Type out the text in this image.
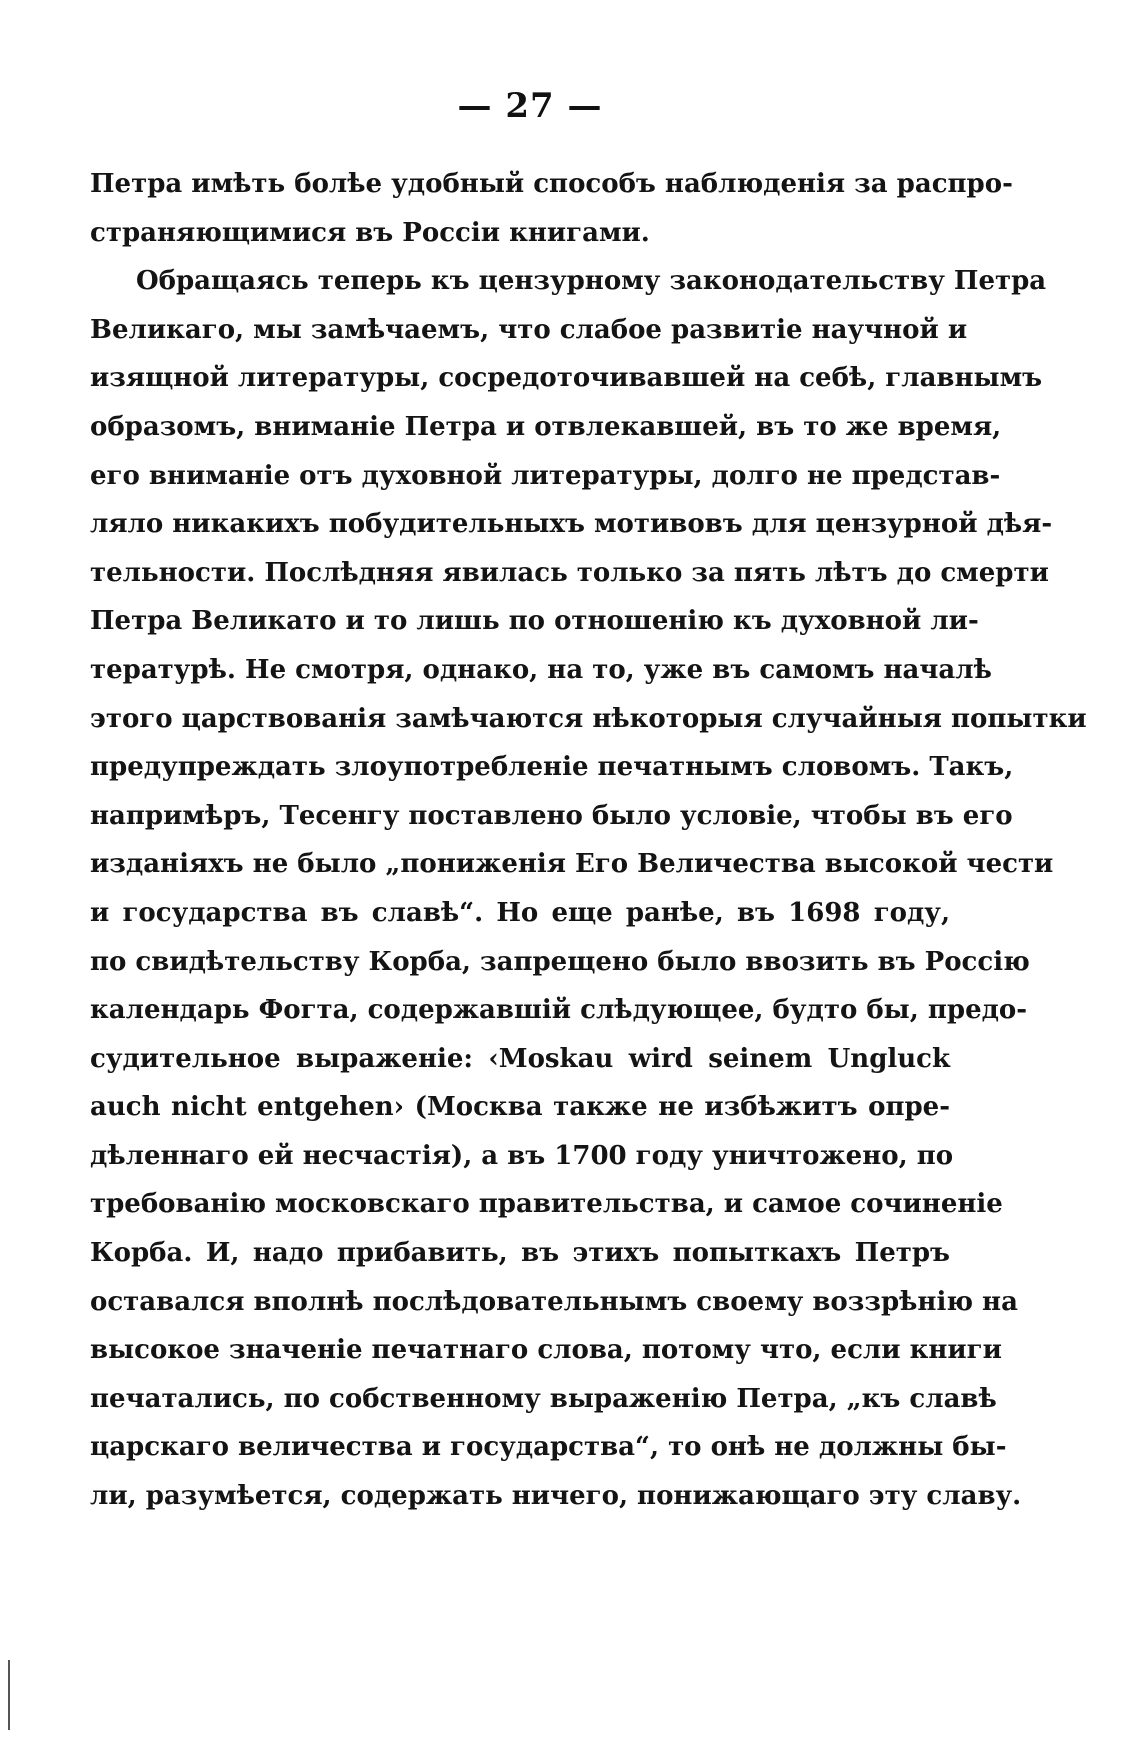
— 27 —
Петра имѣть болѣе удобный способъ наблюденія за распро-
страняющимися въ Россіи книгами.
Обращаясь теперь къ цензурному законодательству Петра
Великаго, мы замѣчаемъ, что слабое развитіе научной и
изящной литературы, сосредоточивавшей на себѣ, главнымъ
образомъ, вниманіе Петра и отвлекавшей, въ то же время,
его вниманіе отъ духовной литературы, долго не представ-
ляло никакихъ побудительныхъ мотивовъ для цензурной дѣя-
тельности. Послѣдняя явилась только за пять лѣтъ до смерти
Петра Великато и то лишь по отношенію къ духовной ли-
тературѣ. Не смотря, однако, на то, уже въ самомъ началѣ
этого царствованія замѣчаются нѣкоторыя случайныя попытки
предупреждать злоупотребленіе печатнымъ словомъ. Такъ,
напримѣръ, Тесенгу поставлено было условіе, чтобы въ его
изданіяхъ не было „пониженія Его Величества высокой чести
и государства въ славѣ“. Но еще ранѣе, въ 1698 году,
по свидѣтельству Корба, запрещено было ввозить въ Россію
календарь Фогта, содержавшій слѣдующее, будто бы, предо-
судительное выраженіе: ‹Moskau wird seinem Ungluck
auch nicht entgehen› (Москва также не избѣжитъ опре-
дѣленнаго ей несчастія), а въ 1700 году уничтожено, по
требованію московскаго правительства, и самое сочиненіе
Корба. И, надо прибавить, въ этихъ попыткахъ Петръ
оставался вполнѣ послѣдовательнымъ своему воззрѣнію на
высокое значеніе печатнаго слова, потому что, если книги
печатались, по собственному выраженію Петра, „къ славѣ
царскаго величества и государства“, то онѣ не должны бы-
ли, разумѣется, содержать ничего, понижающаго эту славу.
